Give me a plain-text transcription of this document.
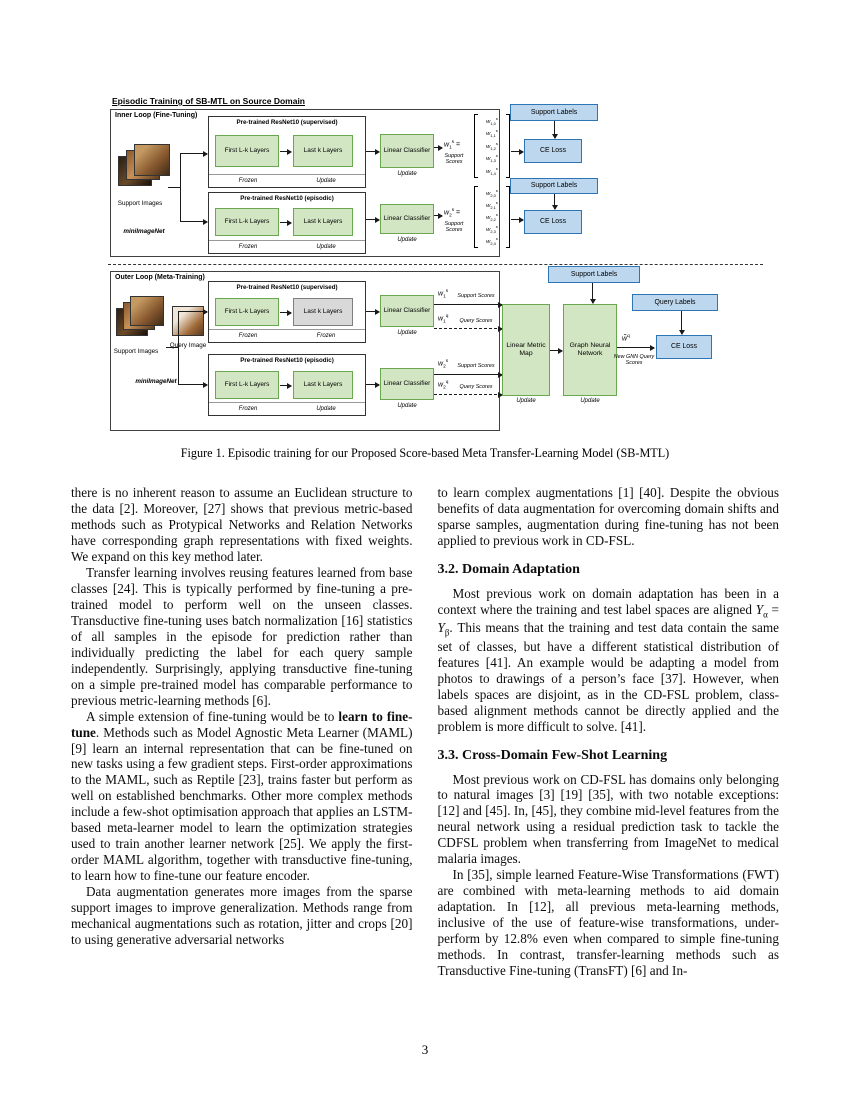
Episodic Training of SB-MTL on Source Domain
Inner Loop (Fine-Tuning)
Support Images
miniImageNet
Pre-trained ResNet10 (supervised)
First L-k Layers	Last k Layers
Frozen	Update
Linear Classifier
Update
$w_1^s$ =
Support Scores
$w_{1,0}^s$
$w_{1,1}^s$
$w_{1,2}^s$
$w_{1,3}^s$
$w_{1,4}^s$
Support Labels
CE Loss
Pre-trained ResNet10 (episodic)
First L-k Layers	Last k Layers
Frozen	Update
Linear Classifier
Update
$w_2^s$ =
Support Scores
$w_{2,0}^s$
$w_{2,1}^s$
$w_{2,2}^s$
$w_{2,3}^s$
$w_{2,4}^s$
Support Labels
CE Loss
Outer Loop (Meta-Training)
Support Images
Query Image
miniImageNet
Pre-trained ResNet10 (supervised)
First L-k Layers	Last k Layers
Frozen	Frozen
Linear Classifier
Update
$w_1^s$
Support Scores
$w_1^q$
Query Scores
Pre-trained ResNet10 (episodic)
First L-k Layers	Last k Layers
Frozen	Update
Linear Classifier
Update
$w_2^s$
Support Scores
$w_2^q$
Query Scores
Linear Metric Map
Update
Graph Neural Network
Update
Support Labels
Query Labels
w̃$^q$
New GNN Query Scores
CE Loss
Figure 1. Episodic training for our Proposed Score-based Meta Transfer-Learning Model (SB-MTL)

there is no inherent reason to assume an Euclidean structure to the data [2]. Moreover, [27] shows that previous metric-based methods such as Protypical Networks and Relation Networks have corresponding graph representations with fixed weights. We expand on this key method later.

Transfer learning involves reusing features learned from base classes [24]. This is typically performed by fine-tuning a pre-trained model to perform well on the unseen classes. Transductive fine-tuning uses batch normalization [16] statistics of all samples in the episode for prediction rather than individually predicting the label for each query sample independently. Surprisingly, applying transductive fine-tuning on a simple pre-trained model has comparable performance to previous metric-learning methods [6].

A simple extension of fine-tuning would be to learn to fine-tune. Methods such as Model Agnostic Meta Learner (MAML) [9] learn an internal representation that can be fine-tuned on new tasks using a few gradient steps. First-order approximations to the MAML, such as Reptile [23], trains faster but perform as well on established benchmarks. Other more complex methods include a few-shot optimisation approach that applies an LSTM-based meta-learner model to learn the optimization strategies used to train another learner network [25]. We apply the first-order MAML algorithm, together with transductive fine-tuning, to learn how to fine-tune our feature encoder.

Data augmentation generates more images from the sparse support images to improve generalization. Methods range from mechanical augmentations such as rotation, jitter and crops [20] to using generative adversarial networks

to learn complex augmentations [1] [40]. Despite the obvious benefits of data augmentation for overcoming domain shifts and sparse samples, augmentation during fine-tuning has not been applied to previous work in CD-FSL.

3.2. Domain Adaptation

Most previous work on domain adaptation has been in a context where the training and test label spaces are aligned $Y_\alpha = Y_\beta$. This means that the training and test data contain the same set of classes, but have a different statistical distribution of features [41]. An example would be adapting a model from photos to drawings of a person’s face [37]. However, when labels spaces are disjoint, as in the CD-FSL problem, class-based alignment methods cannot be directly applied and the problem is more difficult to solve. [41].

3.3. Cross-Domain Few-Shot Learning

Most previous work on CD-FSL has domains only belonging to natural images [3] [19] [35], with two notable exceptions: [12] and [45]. In, [45], they combine mid-level features from the neural network using a residual prediction task to tackle the CDFSL problem when transferring from ImageNet to medical malaria images.

In [35], simple learned Feature-Wise Transformations (FWT) are combined with meta-learning methods to aid domain adaptation. In [12], all previous meta-learning methods, inclusive of the use of feature-wise transformations, under-perform by 12.8% even when compared to simple fine-tuning methods. In contrast, transfer-learning methods such as Transductive Fine-tuning (TransFT) [6] and In-

3
